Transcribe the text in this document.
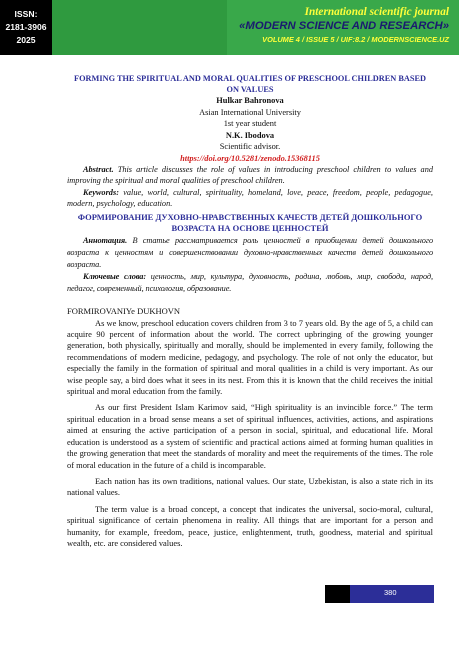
ISSN:
2181-3906
2025
International scientific journal
«MODERN SCIENCE AND RESEARCH»
VOLUME 4 / ISSUE 5 / UIF:8.2 / MODERNSCIENCE.UZ
FORMING THE SPIRITUAL AND MORAL QUALITIES OF PRESCHOOL CHILDREN BASED ON VALUES
Hulkar Bahronova
Asian International University
1st year student
N.K. Ibodova
Scientific advisor.
https://doi.org/10.5281/zenodo.15368115

Abstract. This article discusses the role of values in introducing preschool children to values and improving the spiritual and moral qualities of preschool children.

Keywords: value, world, cultural, spirituality, homeland, love, peace, freedom, people, pedagogue, modern, psychology, education.

ФОРМИРОВАНИЕ ДУХОВНО-НРАВСТВЕННЫХ КАЧЕСТВ ДЕТЕЙ ДОШКОЛЬНОГО ВОЗРАСТА НА ОСНОВЕ ЦЕННОСТЕЙ

Аннотация. В статье рассматривается роль ценностей в приобщении детей дошкольного возраста к ценностям и совершенствовании духовно-нравственных качеств детей дошкольного возраста.

Ключевые слова: ценность, мир, культура, духовность, родина, любовь, мир, свобода, народ, педагог, современный, психология, образование.

FORMIROVANIYe DUKHOVN

As we know, preschool education covers children from 3 to 7 years old. By the age of 5, a child can acquire 90 percent of information about the world. The correct upbringing of the growing younger generation, both physically, spiritually and morally, should be implemented in every family, following the recommendations of modern medicine, pedagogy, and psychology. The role of not only the educator, but especially the family in the formation of spiritual and moral qualities in a child is very important. As our wise people say, a bird does what it sees in its nest. From this it is known that the child receives the initial spiritual and moral education from the family.

As our first President Islam Karimov said, “High spirituality is an invincible force.” The term spiritual education in a broad sense means a set of spiritual influences, activities, actions, and aspirations aimed at ensuring the active participation of a person in social, spiritual, and educational life. Moral education is understood as a system of scientific and practical actions aimed at forming human qualities in the growing generation that meet the standards of morality and meet the requirements of the times. The role of moral education in the future of a child is incomparable.

Each nation has its own traditions, national values. Our state, Uzbekistan, is also a state rich in its national values.

The term value is a broad concept, a concept that indicates the universal, socio-moral, cultural, spiritual significance of certain phenomena in reality. All things that are important for a person and humanity, for example, freedom, peace, justice, enlightenment, truth, goodness, material and spiritual wealth, etc. are considered values.

380
